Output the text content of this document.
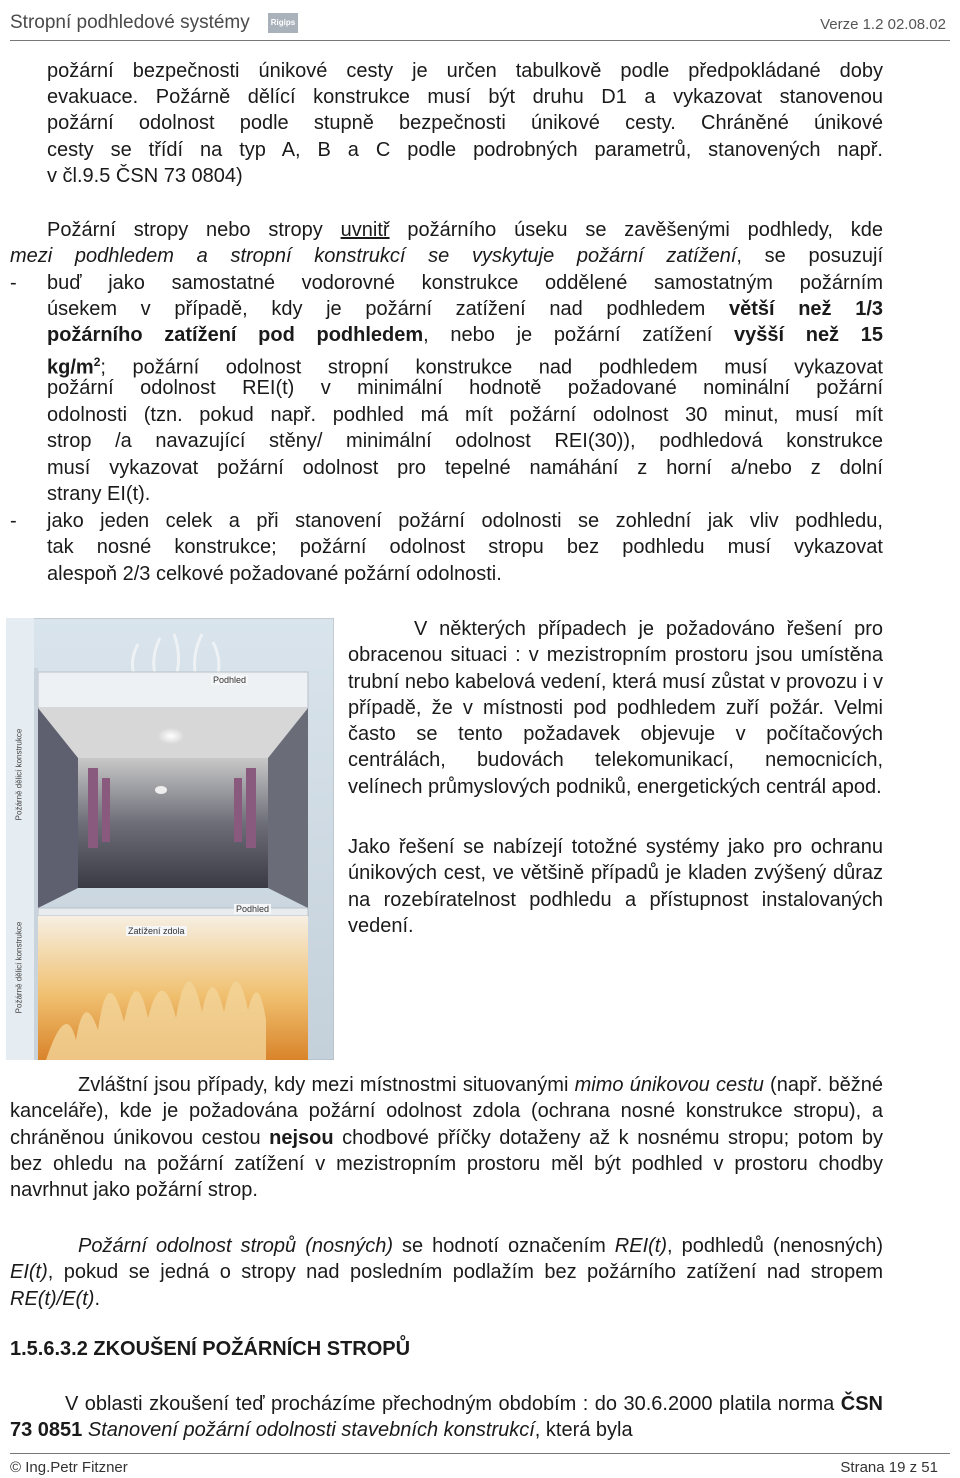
Stropní podhledové systémy	Rigips	Verze 1.2 02.08.02
požární bezpečnosti únikové cesty je určen tabulkově podle předpokládané doby
evakuace. Požárně dělící konstrukce musí být druhu D1 a vykazovat stanovenou
požární odolnost podle stupně bezpečnosti únikové cesty. Chráněné únikové
cesty se třídí na typ A, B a C podle podrobných parametrů, stanovených např.
v čl.9.5 ČSN 73 0804)
Požární stropy nebo stropy uvnitř požárního úseku se zavěšenými podhledy, kde
mezi podhledem a stropní konstrukcí se vyskytuje požární zatížení, se posuzují
- buď jako samostatné vodorovné konstrukce oddělené samostatným požárním
úsekem v případě, kdy je požární zatížení nad podhledem větší než 1/3
požárního zatížení pod podhledem, nebo je požární zatížení vyšší než 15
$kg/m^2$; požární odolnost stropní konstrukce nad podhledem musí vykazovat
požární odolnost REI(t) v minimální hodnotě požadované nominální požární
odolnosti (tzn. pokud např. podhled má mít požární odolnost 30 minut, musí mít
strop /a navazující stěny/ minimální odolnost REI(30)), podhledová konstrukce
musí vykazovat požární odolnost pro tepelné namáhání z horní a/nebo z dolní
strany EI(t).
- jako jeden celek a při stanovení požární odolnosti se zohlední jak vliv podhledu,
tak nosné konstrukce; požární odolnost stropu bez podhledu musí vykazovat
alespoň 2/3 celkové požadované požární odolnosti.
Podhled
Podhled
Zatížení zdola
Požárně dělicí konstrukce
Požárně dělicí konstrukce

V některých případech je požadováno řešení pro obracenou situaci : v mezistropním prostoru jsou umístěna trubní nebo kabelová vedení, která musí zůstat v provozu i v případě, že v místnosti pod podhledem zuří požár. Velmi často se tento požadavek objevuje v počítačových centrálách, budovách telekomunikací, nemocnicích, velínech průmyslových podniků, energetických centrál apod.

Jako řešení se nabízejí totožné systémy jako pro ochranu únikových cest, ve většině případů je kladen zvýšený důraz na rozebíratelnost podhledu a přístupnost instalovaných vedení.

Zvláštní jsou případy, kdy mezi místnostmi situovanými mimo únikovou cestu (např. běžné kanceláře), kde je požadována požární odolnost zdola (ochrana nosné konstrukce stropu), a chráněnou únikovou cestou nejsou chodbové příčky dotaženy až k nosnému stropu; potom by bez ohledu na požární zatížení v mezistropním prostoru měl být podhled v prostoru chodby navrhnut jako požární strop.

Požární odolnost stropů (nosných) se hodnotí označením REI(t), podhledů (nenosných) EI(t), pokud se jedná o stropy nad posledním podlažím bez požárního zatížení nad stropem RE(t)/E(t).

1.5.6.3.2 ZKOUŠENÍ POŽÁRNÍCH STROPŮ

V oblasti zkoušení teď procházíme přechodným obdobím : do 30.6.2000 platila norma ČSN 73 0851 Stanovení požární odolnosti stavebních konstrukcí, která byla

© Ing.Petr Fitzner	Strana 19 z 51
